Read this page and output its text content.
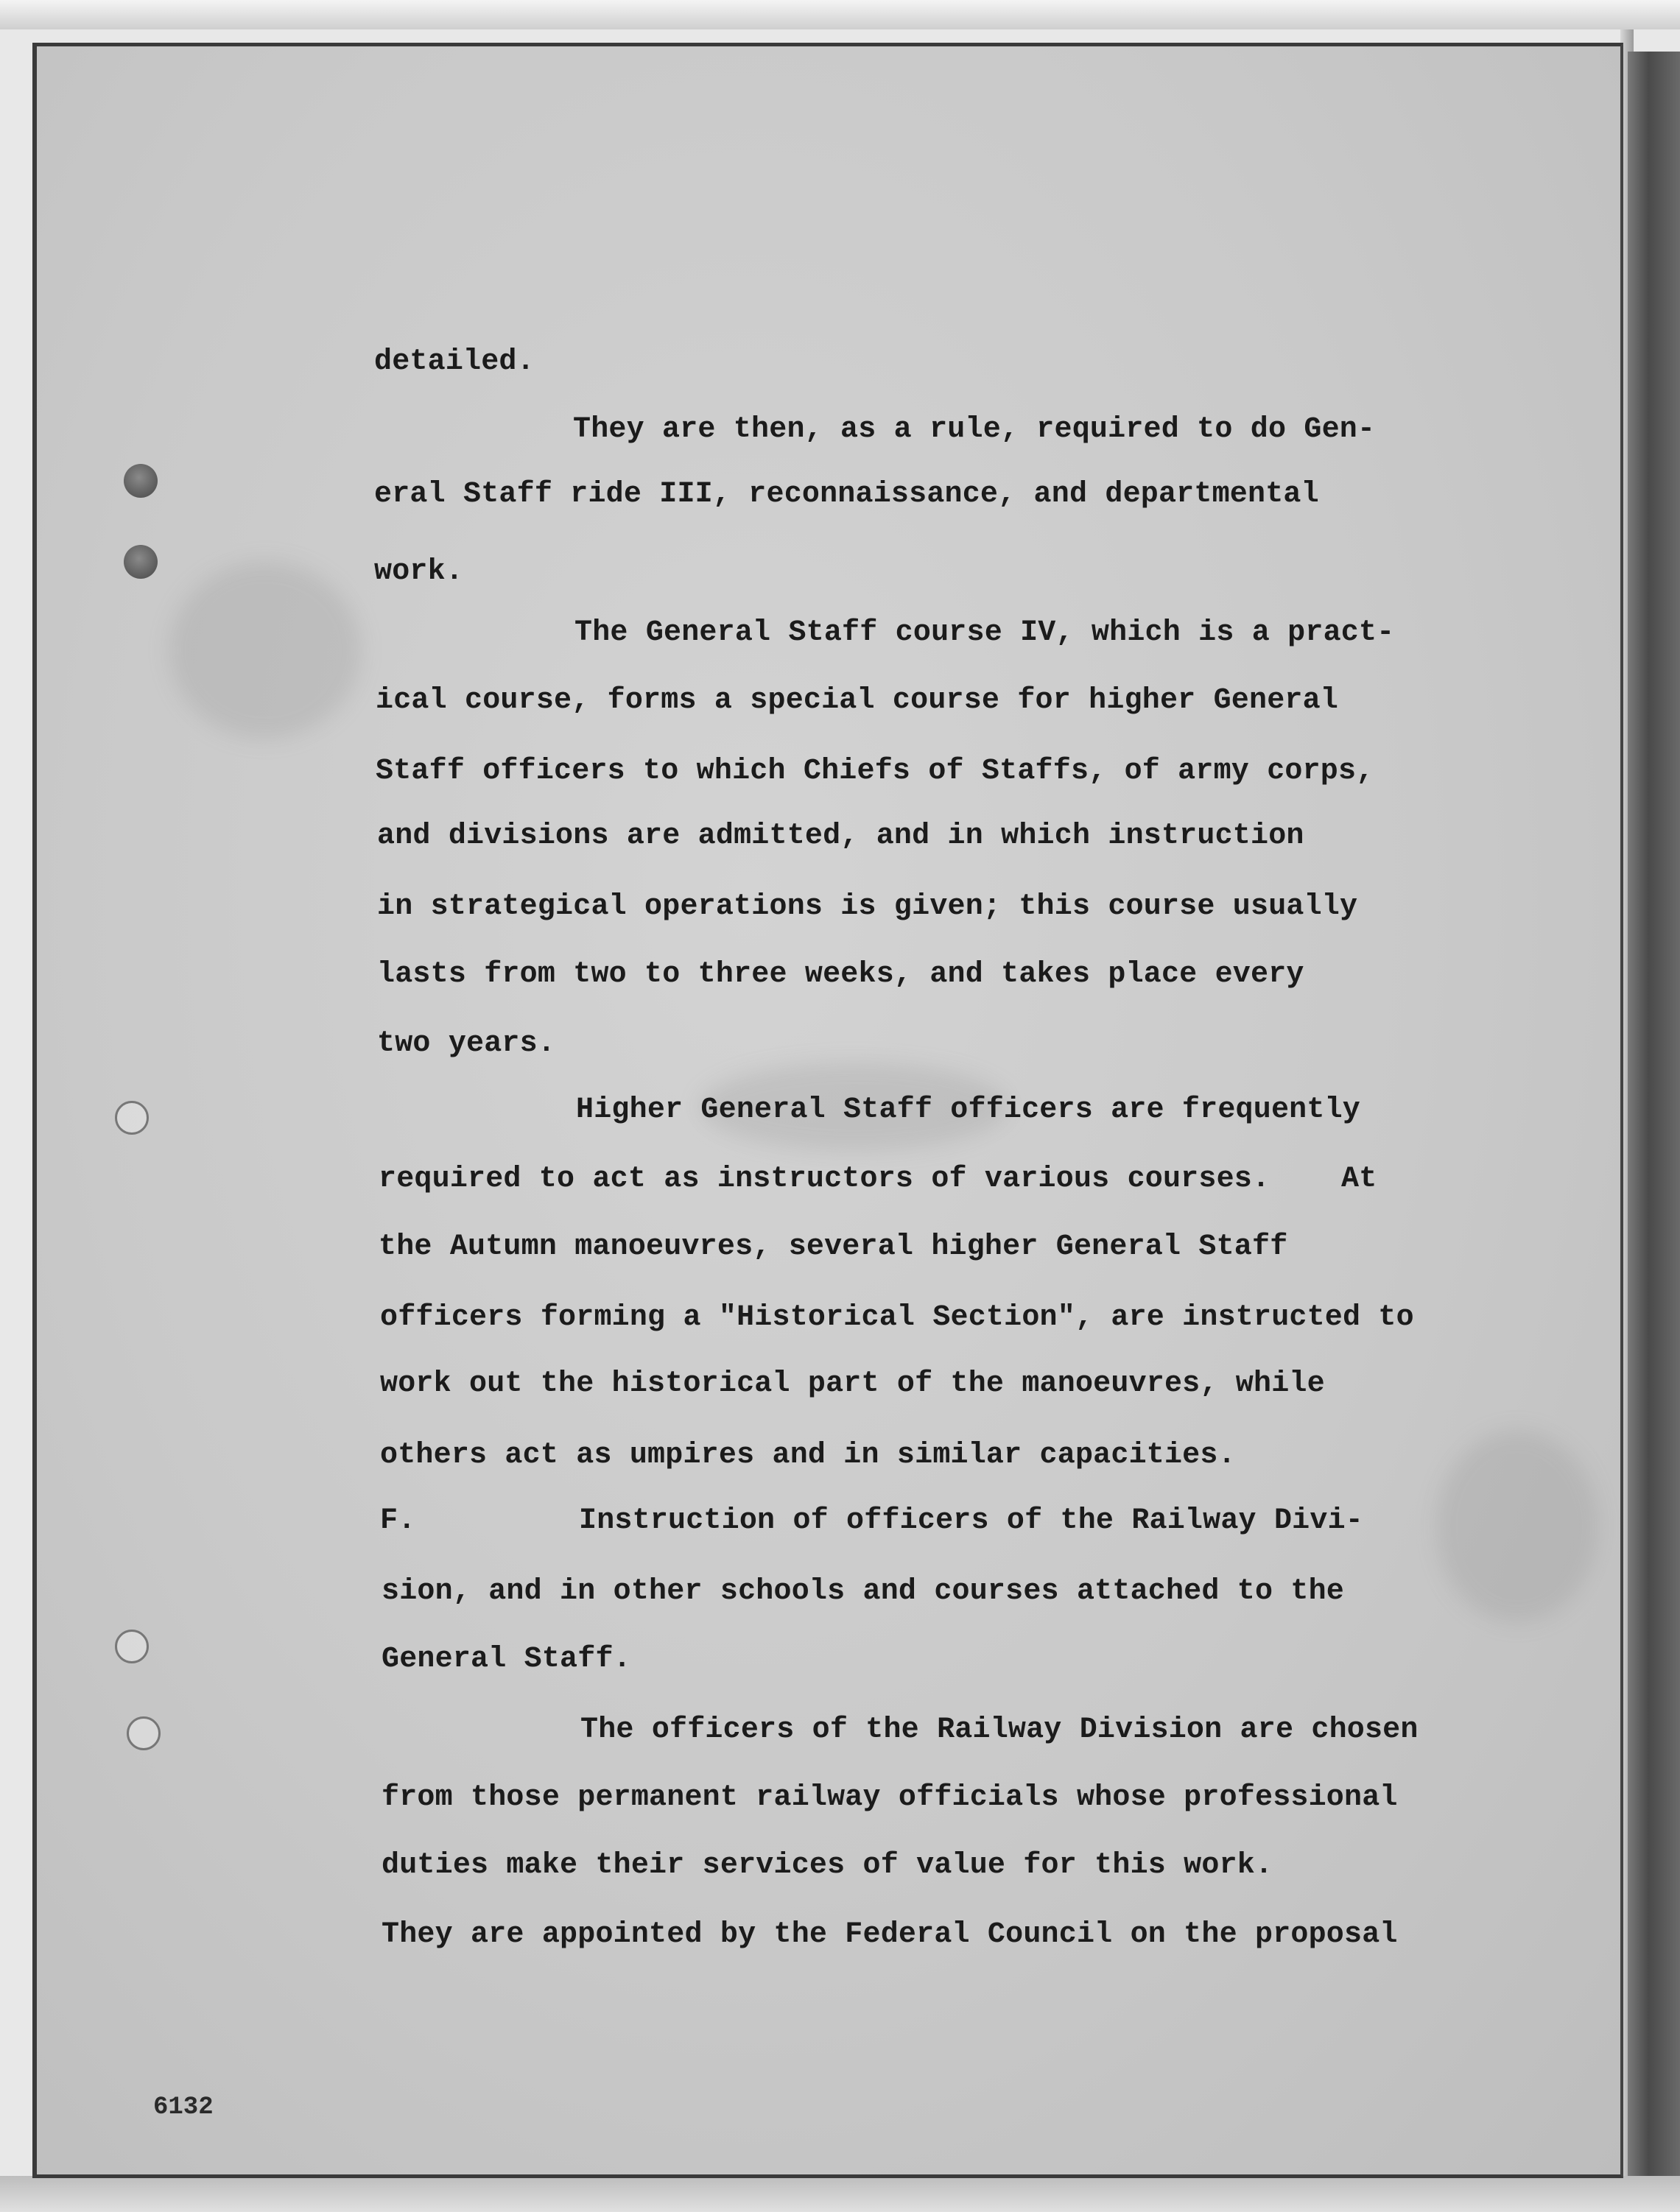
detailed.
They are then, as a rule, required to do Gen-
eral Staff ride III, reconnaissance, and departmental
work.
The General Staff course IV, which is a pract-
ical course, forms a special course for higher General
Staff officers to which Chiefs of Staffs, of army corps,
and divisions are admitted, and in which instruction
in strategical operations is given; this course usually
lasts from two to three weeks, and takes place every
two years.
Higher General Staff officers are frequently
required to act as instructors of various courses.    At
the Autumn manoeuvres, several higher General Staff
officers forming a "Historical Section", are instructed to
work out the historical part of the manoeuvres, while
others act as umpires and in similar capacities.
F.	Instruction of officers of the Railway Divi-
sion, and in other schools and courses attached to the
General Staff.
The officers of the Railway Division are chosen
from those permanent railway officials whose professional
duties make their services of value for this work.
They are appointed by the Federal Council on the proposal
6132
